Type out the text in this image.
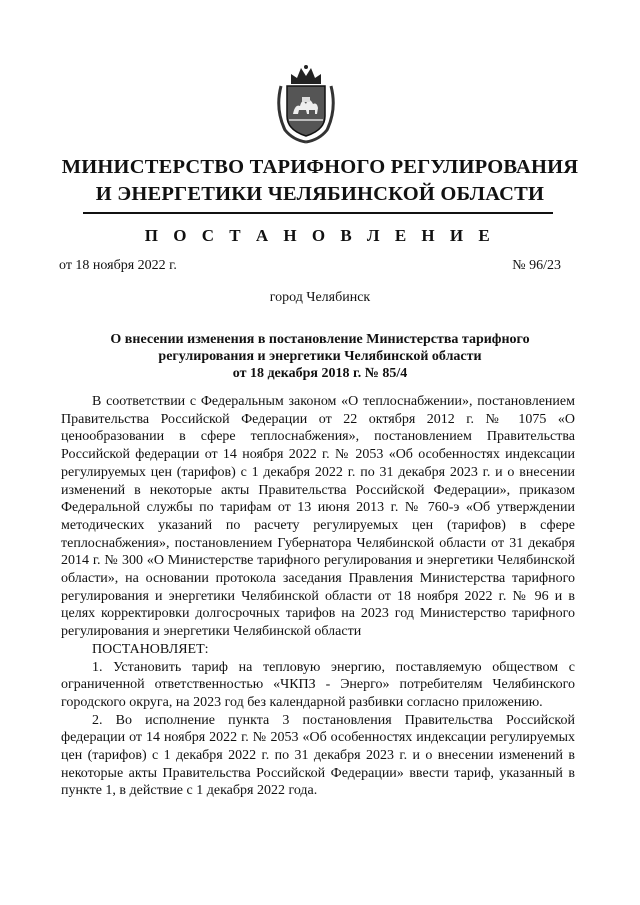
МИНИСТЕРСТВО ТАРИФНОГО РЕГУЛИРОВАНИЯ
И ЭНЕРГЕТИКИ ЧЕЛЯБИНСКОЙ ОБЛАСТИ
П О С Т А Н О В Л Е Н И Е
от 18 ноября 2022 г.	№ 96/23
город Челябинск
О внесении изменения в постановление Министерства тарифного
регулирования и энергетики Челябинской области
от 18 декабря 2018 г. № 85/4

В соответствии с Федеральным законом «О теплоснабжении», постановлением Правительства Российской Федерации от 22 октября 2012 г. № 1075 «О ценообразовании в сфере теплоснабжения», постановлением Правительства Российской федерации от 14 ноября 2022 г. № 2053 «Об особенностях индексации регулируемых цен (тарифов) с 1 декабря 2022 г. по 31 декабря 2023 г. и о внесении изменений в некоторые акты Правительства Российской Федерации», приказом Федеральной службы по тарифам от 13 июня 2013 г. № 760-э «Об утверждении методических указаний по расчету регулируемых цен (тарифов) в сфере теплоснабжения», постановлением Губернатора Челябинской области от 31 декабря 2014 г. № 300 «О Министерстве тарифного регулирования и энергетики Челябинской области», на основании протокола заседания Правления Министерства тарифного регулирования и энергетики Челябинской области от 18 ноября 2022 г. № 96 и в целях корректировки долгосрочных тарифов на 2023 год Министерство тарифного регулирования и энергетики Челябинской области

ПОСТАНОВЛЯЕТ:

1. Установить тариф на тепловую энергию, поставляемую обществом с ограниченной ответственностью «ЧКПЗ - Энерго» потребителям Челябинского городского округа, на 2023 год без календарной разбивки согласно приложению.

2. Во исполнение пункта 3 постановления Правительства Российской федерации от 14 ноября 2022 г. № 2053 «Об особенностях индексации регулируемых цен (тарифов) с 1 декабря 2022 г. по 31 декабря 2023 г. и о внесении изменений в некоторые акты Правительства Российской Федерации» ввести тариф, указанный в пункте 1, в действие с 1 декабря 2022 года.
